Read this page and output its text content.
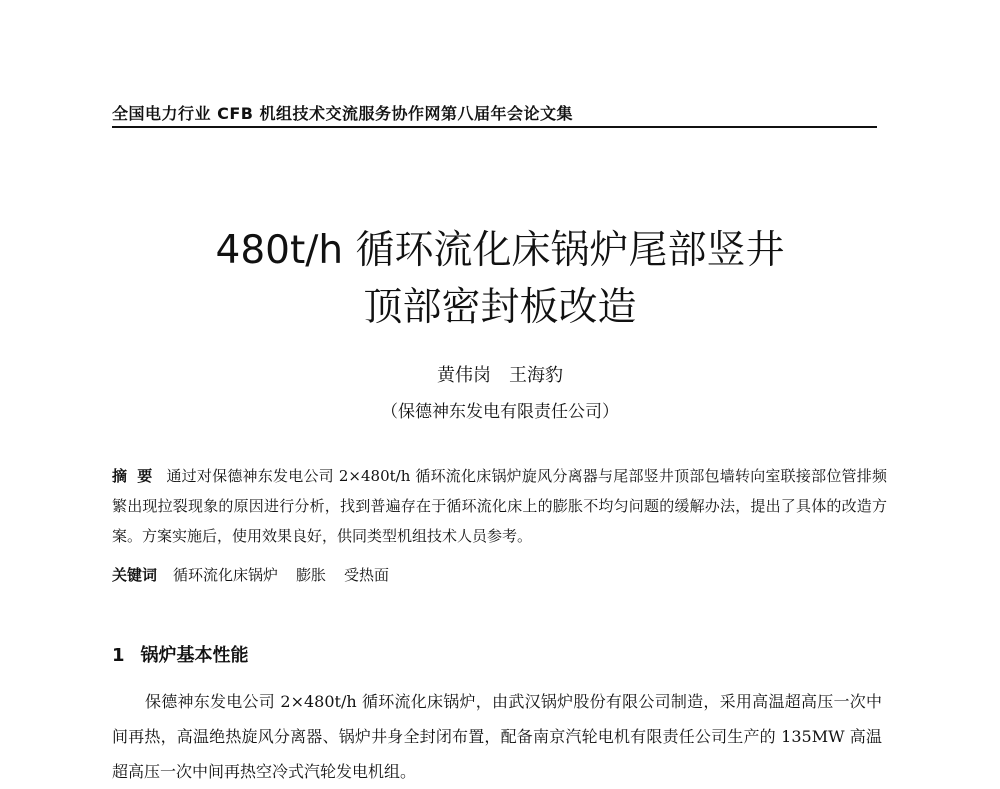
全国电力行业 CFB 机组技术交流服务协作网第八届年会论文集
480t/h 循环流化床锅炉尾部竖井
顶部密封板改造
黄伟岗　王海豹
（保德神东发电有限责任公司）
摘要 通过对保德神东发电公司 2×480t/h 循环流化床锅炉旋风分离器与尾部竖井顶部包墙转向室联接部位管排频繁出现拉裂现象的原因进行分析，找到普遍存在于循环流化床上的膨胀不均匀问题的缓解办法，提出了具体的改造方案。方案实施后，使用效果良好，供同类型机组技术人员参考。
关键词 循环流化床锅炉 膨胀 受热面
1 锅炉基本性能
保德神东发电公司 2×480t/h 循环流化床锅炉，由武汉锅炉股份有限公司制造，采用高温超高压一次中间再热，高温绝热旋风分离器、锅炉井身全封闭布置，配备南京汽轮电机有限责任公司生产的 135MW 高温超高压一次中间再热空冷式汽轮发电机组。
